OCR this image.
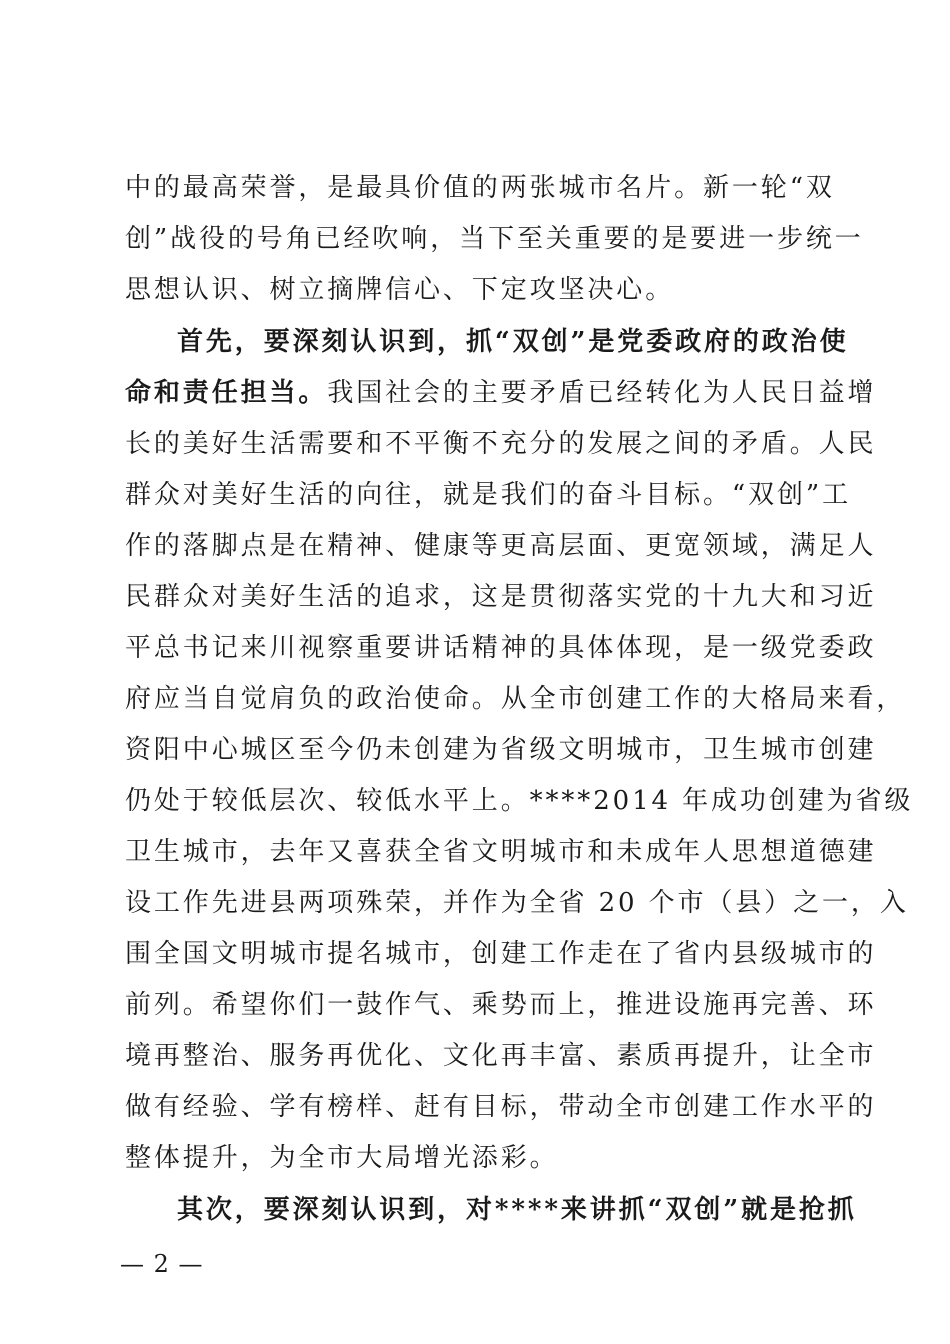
中的最高荣誉，是最具价值的两张城市名片。新一轮“双
创”战役的号角已经吹响，当下至关重要的是要进一步统一
思想认识、树立摘牌信心、下定攻坚决心。
首先，要深刻认识到，抓“双创”是党委政府的政治使
命和责任担当。我国社会的主要矛盾已经转化为人民日益增
长的美好生活需要和不平衡不充分的发展之间的矛盾。人民
群众对美好生活的向往，就是我们的奋斗目标。“双创”工
作的落脚点是在精神、健康等更高层面、更宽领域，满足人
民群众对美好生活的追求，这是贯彻落实党的十九大和习近
平总书记来川视察重要讲话精神的具体体现，是一级党委政
府应当自觉肩负的政治使命。从全市创建工作的大格局来看，
资阳中心城区至今仍未创建为省级文明城市，卫生城市创建
仍处于较低层次、较低水平上。****2014 年成功创建为省级
卫生城市，去年又喜获全省文明城市和未成年人思想道德建
设工作先进县两项殊荣，并作为全省 20 个市（县）之一，入
围全国文明城市提名城市，创建工作走在了省内县级城市的
前列。希望你们一鼓作气、乘势而上，推进设施再完善、环
境再整治、服务再优化、文化再丰富、素质再提升，让全市
做有经验、学有榜样、赶有目标，带动全市创建工作水平的
整体提升，为全市大局增光添彩。
其次，要深刻认识到，对****来讲抓“双创”就是抢抓
— 2 —
